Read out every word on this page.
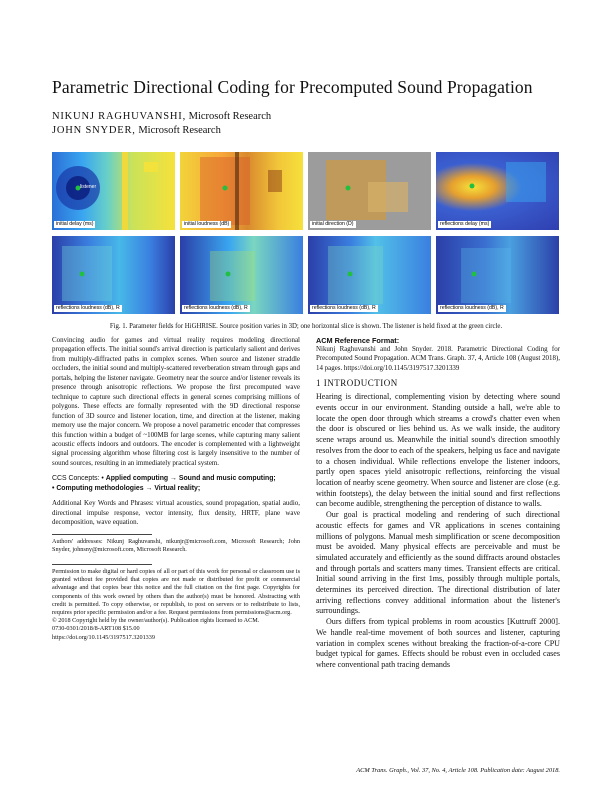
Parametric Directional Coding for Precomputed Sound Propagation
NIKUNJ RAGHUVANSHI, Microsoft Research
JOHN SNYDER, Microsoft Research
listener
initial delay (ms)	initial loudness (dB)	initial direction (D)	reflections delay (ms)
reflections loudness (dB), R	reflections loudness (dB), R	reflections loudness (dB), R	reflections loudness (dB), R
Fig. 1. Parameter fields for HiGHRISE. Source position varies in 3D; one horizontal slice is shown. The listener is held fixed at the green circle.

Convincing audio for games and virtual reality requires modeling directional propagation effects. The initial sound's arrival direction is particularly salient and derives from multiply-diffracted paths in complex scenes. When source and listener straddle occluders, the initial sound and multiply-scattered reverberation stream through gaps and portals, helping the listener navigate. Geometry near the source and/or listener reveals its presence through anisotropic reflections. We propose the first precomputed wave technique to capture such directional effects in general scenes comprising millions of polygons. These effects are formally represented with the 9D directional response function of 3D source and listener location, time, and direction at the listener, making memory use the major concern. We propose a novel parametric encoder that compresses this function within a budget of ~100MB for large scenes, while capturing many salient acoustic effects indoors and outdoors. The encoder is complemented with a lightweight signal processing algorithm whose filtering cost is largely insensitive to the number of sound sources, resulting in an immediately practical system.

CCS Concepts: • Applied computing → Sound and music computing;
• Computing methodologies → Virtual reality;

Additional Key Words and Phrases: virtual acoustics, sound propagation, spatial audio, directional impulse response, vector intensity, flux density, HRTF, plane wave decomposition, wave equation.

Authors' addresses: Nikunj Raghuvanshi, nikunjr@microsoft.com, Microsoft Research; John Snyder, johnsny@microsoft.com, Microsoft Research.

Permission to make digital or hard copies of all or part of this work for personal or classroom use is granted without fee provided that copies are not made or distributed for profit or commercial advantage and that copies bear this notice and the full citation on the first page. Copyrights for components of this work owned by others than the author(s) must be honored. Abstracting with credit is permitted. To copy otherwise, or republish, to post on servers or to redistribute to lists, requires prior specific permission and/or a fee. Request permissions from permissions@acm.org.

© 2018 Copyright held by the owner/author(s). Publication rights licensed to ACM.

0730-0301/2018/8-ART108 $15.00

https://doi.org/10.1145/3197517.3201339

ACM Reference Format:

Nikunj Raghuvanshi and John Snyder. 2018. Parametric Directional Coding for Precomputed Sound Propagation. ACM Trans. Graph. 37, 4, Article 108 (August 2018), 14 pages. https://doi.org/10.1145/3197517.3201339

1 INTRODUCTION

Hearing is directional, complementing vision by detecting where sound events occur in our environment. Standing outside a hall, we're able to locate the open door through which streams a crowd's chatter even when the door is obscured or lies behind us. As we walk inside, the auditory scene wraps around us. Meanwhile the initial sound's direction smoothly resolves from the door to each of the speakers, helping us face and navigate to a chosen individual. While reflections envelope the listener indoors, partly open spaces yield anisotropic reflections, reinforcing the visual location of nearby scene geometry. When source and listener are close (e.g. within footsteps), the delay between the initial sound and first reflections can become audible, strengthening the perception of distance to walls.

Our goal is practical modeling and rendering of such directional acoustic effects for games and VR applications in scenes containing millions of polygons. Manual mesh simplification or scene decomposition must be avoided. Many physical effects are perceivable and must be simulated accurately and efficiently as the sound diffracts around obstacles and through portals and scatters many times. Transient effects are critical. Initial sound arriving in the first 1ms, possibly through multiple portals, determines its perceived direction. The directional distribution of later arriving reflections convey additional information about the listener's surroundings.

Ours differs from typical problems in room acoustics [Kuttruff 2000]. We handle real-time movement of both sources and listener, capturing variation in complex scenes without breaking the fraction-of-a-core CPU budget typical for games. Effects should be robust even in occluded cases where conventional path tracing demands

ACM Trans. Graph., Vol. 37, No. 4, Article 108. Publication date: August 2018.
